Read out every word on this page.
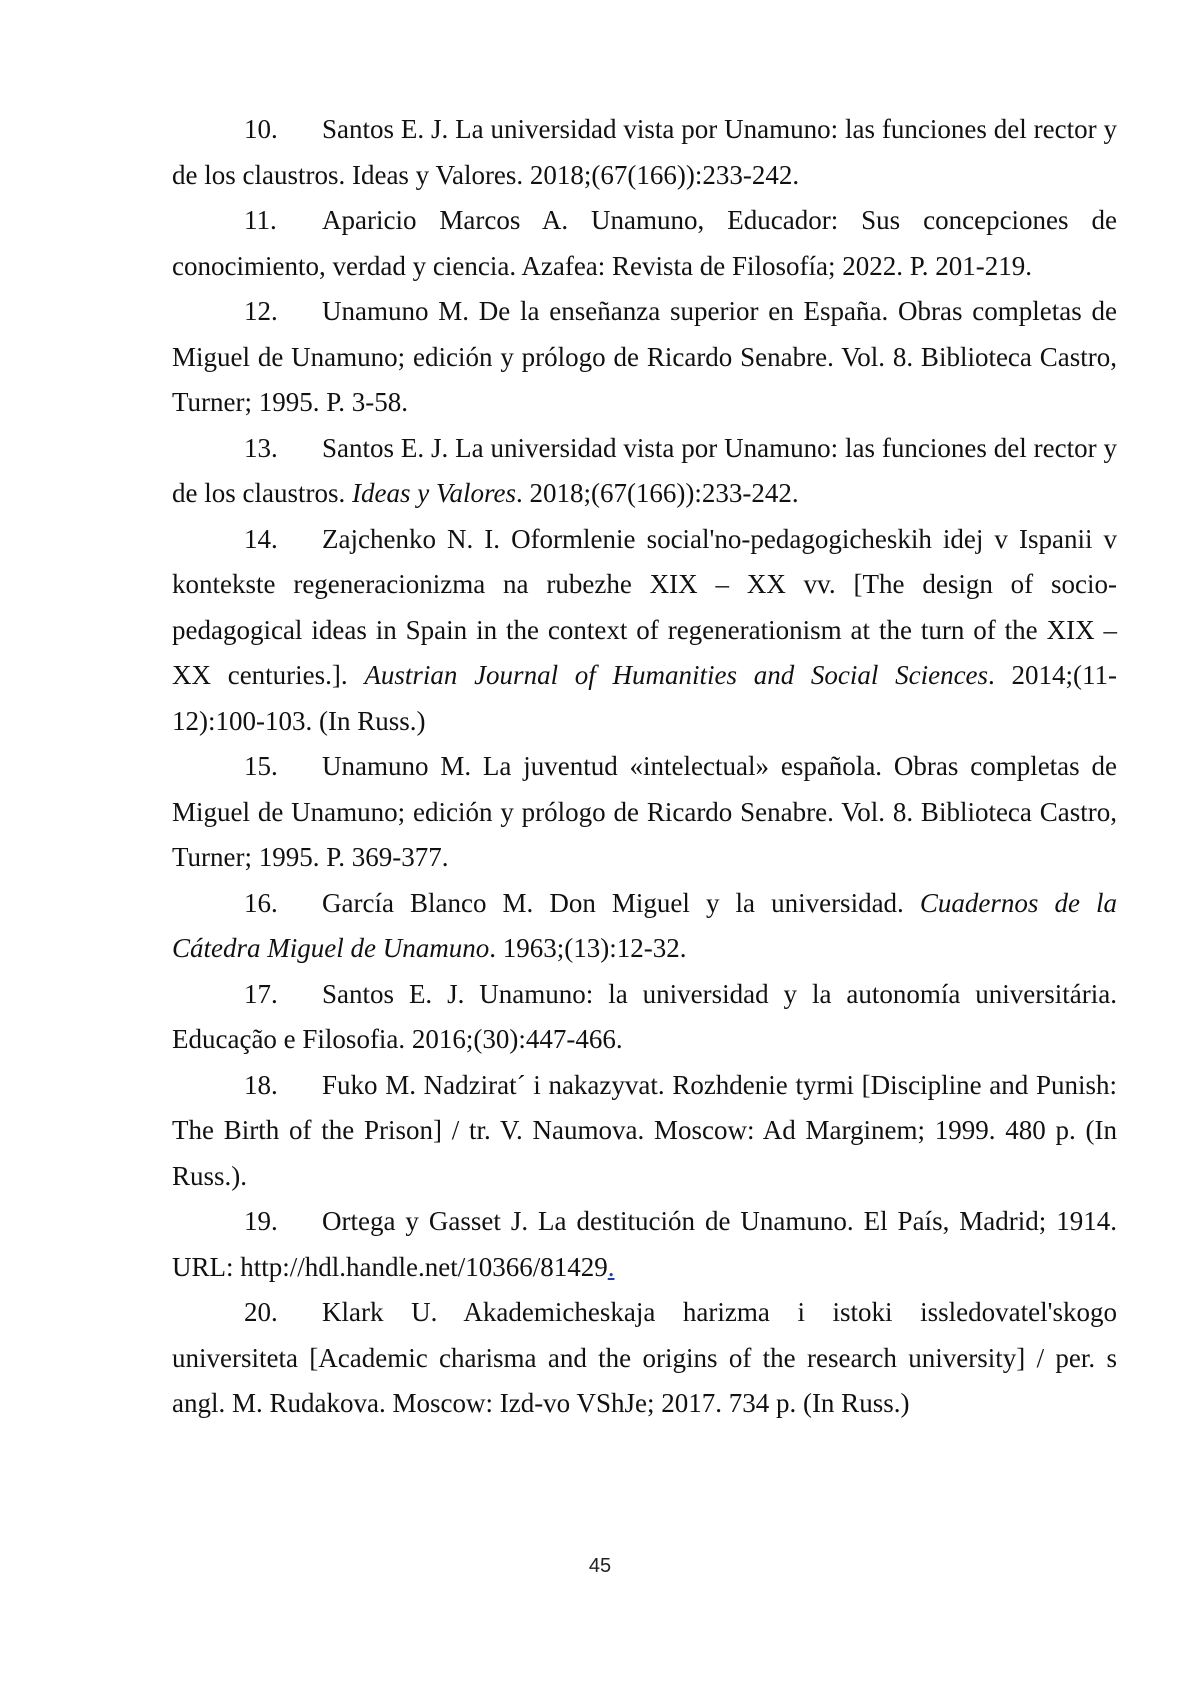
10. Santos E. J. La universidad vista por Unamuno: las funciones del rector y de los claustros. Ideas y Valores. 2018;(67(166)):233-242.
11. Aparicio Marcos A. Unamuno, Educador: Sus concepciones de conocimiento, verdad y ciencia. Azafea: Revista de Filosofía; 2022. P. 201-219.
12. Unamuno M. De la enseñanza superior en España. Obras completas de Miguel de Unamuno; edición y prólogo de Ricardo Senabre. Vol. 8. Biblioteca Castro, Turner; 1995. P. 3-58.
13. Santos E. J. La universidad vista por Unamuno: las funciones del rector y de los claustros. Ideas y Valores. 2018;(67(166)):233-242.
14. Zajchenko N. I. Oformlenie social'no-pedagogicheskih idej v Ispanii v kontekste regeneracionizma na rubezhe XIX – XX vv. [The design of socio-pedagogical ideas in Spain in the context of regenerationism at the turn of the XIX – XX centuries.]. Austrian Journal of Humanities and Social Sciences. 2014;(11-12):100-103. (In Russ.)
15. Unamuno M. La juventud «intelectual» española. Obras completas de Miguel de Unamuno; edición y prólogo de Ricardo Senabre. Vol. 8. Biblioteca Castro, Turner; 1995. P. 369-377.
16. García Blanco M. Don Miguel y la universidad. Cuadernos de la Cátedra Miguel de Unamuno. 1963;(13):12-32.
17. Santos E. J. Unamuno: la universidad y la autonomía universitária. Educação e Filosofia. 2016;(30):447-466.
18. Fuko M. Nadzirat´ i nakazyvat. Rozhdenie tyrmi [Discipline and Punish: The Birth of the Prison] / tr. V. Naumova. Moscow: Ad Marginem; 1999. 480 p. (In Russ.).
19. Ortega y Gasset J. La destitución de Unamuno. El País, Madrid; 1914. URL: http://hdl.handle.net/10366/81429.
20. Klark U. Akademicheskaja harizma i istoki issledovatel'skogo universiteta [Academic charisma and the origins of the research university] / per. s angl. M. Rudakova. Moscow: Izd-vo VShJe; 2017. 734 p. (In Russ.)
45
